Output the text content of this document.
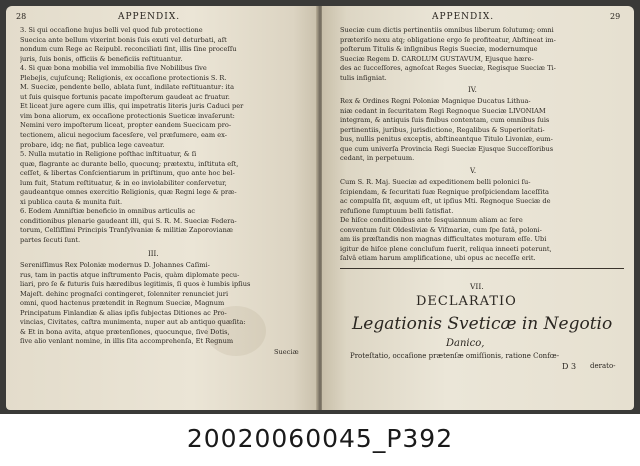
28	APPENDIX.
3. Si qui occaſione hujus belli vel quod ſub protectione
Suecica ante bellum vixerint bonis ſuis exuti vel deturbati, aſt
nondum cum Rege ac Reipubl. reconciliati ſint, illis ſine proceſſu
juris, ſuis bonis, officiis & beneficiis reſtituantur.
4. Si quæ bona mobilia vel immobilia ſive Nobilibus ſive
Plebejis, cujuſcunq; Religionis, ex occaſione protectionis S. R.
M. Sueciæ, pendente bello, ablata ſunt, indilate reſtituantur: ita
ut ſuis quisque fortunis pacate impoſterum gaudeat ac fruatur.
Et liceat jure agere cum illis, qui impetratis literis juris Caduci per
vim bona aliorum, ex occaſione protectionis Sueticæ invaſerunt:
Nemini vero impoſterum liceat, propter eandem Suecicam pro-
tectionem, alicui negocium facesſere, vel præſumere, eam ex-
probare, idq; ne fiat, publica lege caveatur.
5. Nulla mutatio in Religione poſthac inſtituatur, & ſi
quæ, flagrante ac durante bello, quocunq; prætextu, inſtituta eſt,
ceſſet, & libertas Conſcientiarum in priſtinum, quo ante hoc bel-
lum fuit, Statum reſtituatur, & in eo inviolabiliter conſervetur,
gaudeantque omnes exercitio Religionis, quæ Regni lege & præ-
xi publica cauta & munita fuit.
6. Eodem Amniſtiæ beneficio in omnibus articulis ac
conditionibus plenarie gaudeant illi, qui S. R. M. Sueciæ Federa-
torum, Celſiſſimi Principis Tranſylvaniæ & militiæ Zaporovianæ
partes ſecuti ſunt.
III.
Sereniſſimus Rex Poloniæ modernus D. Johannes Caſimi-
rus, tam in pactis atque inſtrumento Pacis, quàm diplomate pecu-
liari, pro ſe & futuris ſuis hæredibus legitimis, ſi quos è lumbis ipſius
Majeſt. dehinc prognaſci contingeret, ſolenniter renunciet juri
omni, quod hactenus prætendit in Regnum Sueciæ, Magnum
Principatum Finlandiæ & alias ipſis ſubjectas Ditiones ac Pro-
vincias, Civitates, caſtra munimenta, nuper aut ab antiquo quæſita:
& Et in bona avita, atque prætenſiones, quocunque, ſive Dotis,
ſive alio venlant nomine, in illis ſita accomprehenſa, Et Regnum
Sueciæ
APPENDIX.	29
Sueciæ cum dictis pertinentiis omnibus liberum ſolutumq; omni
præteriſo nexu atq; obligatione ergo ſe profiteatur, Abſtineat im-
poſterum Titulis & inſignibus Regis Sueciæ, modernumque
Sueciæ Regem D. CAROLUM GUSTAVUM, Ejusque hære-
des ac ſucceſſores, agnoſcat Reges Sueciæ, Regisque Sueciæ Ti-
tulis inſigniat.
IV.
Rex & Ordines Regni Poloniæ Magnique Ducatus Lithua-
niæ cedant in ſecuritatem Regi Regnoque Sueciæ LIVONIAM
integram, & antiquis ſuis finibus contentam, cum omnibus ſuis
pertinentiis, juribus, jurisdictione, Regalibus & Superiorítati-
bus, nullis penitus exceptis, abſtineantque Titulo Livoniæ, eum-
que cum univerſa Provincia Regi Sueciæ Ejusque Succeſſoribus
cedant, in perpetuum.
V.
Cum S. R. Maj. Sueciæ ad expeditionem belli polonici ſu-
ſcipiendam, & ſecuritati ſuæ Regnique proſpiciendam laceſſita
ac compulſa ſit, æquum eſt, ut ipſius Mti. Regnoque Sueciæ de
refuſione ſumptuum belli ſatisfiat.
De hiſce conditionibus ante ſesquiannum aliam ac ſere
conventum ſuit Oldesliviæ & Viſmariæ, cum ſpe ſatâ, poloni-
am iis præſtandis non magnas difficultates moturam eſſe. Ubi
igitur de hiſce plene concluſum fuerit, reliqua inneeti poterunt,
ſalvâ etiam harum amplificatione, ubi opus ac neceſſe erit.
VII.
DECLARATIO
Legationis Sveticæ in Negotio
Danico,
Proteſtatio, occaſione prætenſæ omiſſionis, ratione Confœ-
D 3 derato-
20020060045_P392
